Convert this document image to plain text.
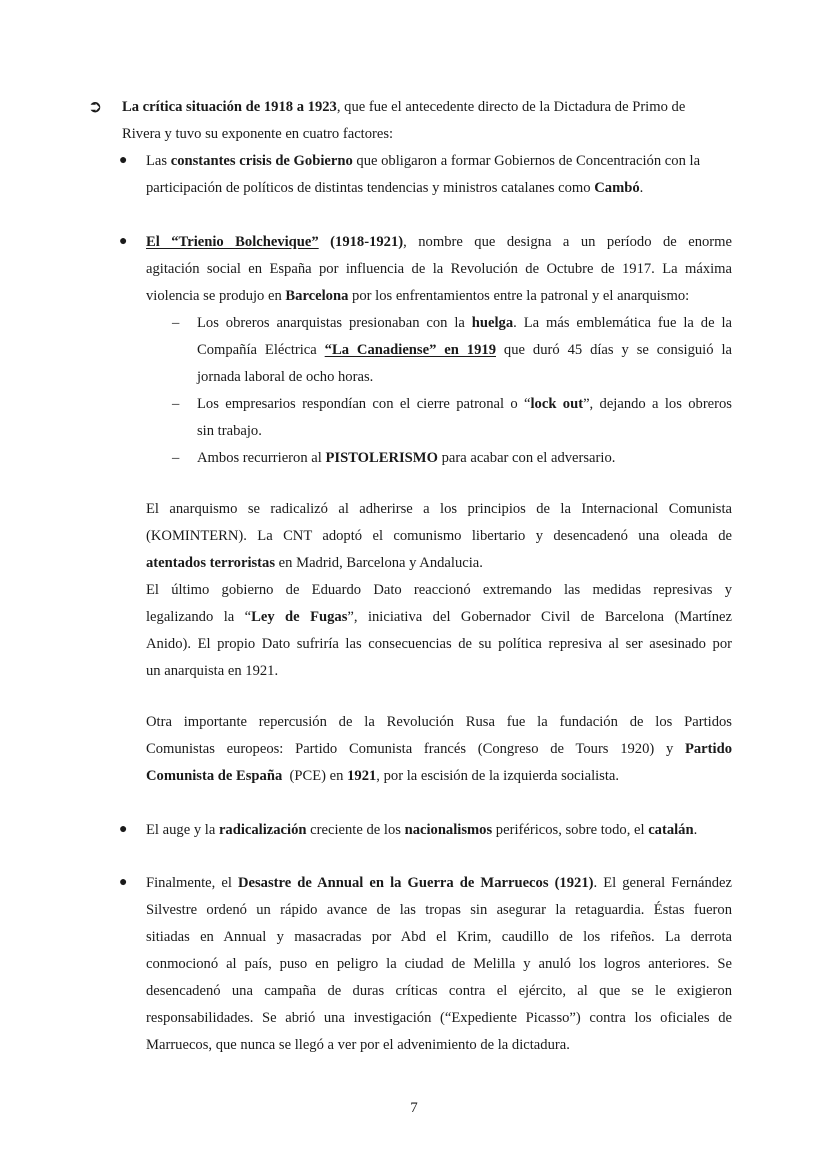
➲ La crítica situación de 1918 a 1923, que fue el antecedente directo de la Dictadura de Primo de
Rivera y tuvo su exponente en cuatro factores:
● Las constantes crisis de Gobierno que obligaron a formar Gobiernos de Concentración con la
participación de políticos de distintas tendencias y ministros catalanes como Cambó.
● El “Trienio Bolchevique” (1918-1921), nombre que designa a un período de enorme
agitación social en España por influencia de la Revolución de Octubre de 1917. La máxima
violencia se produjo en Barcelona por los enfrentamientos entre la patronal y el anarquismo:
– Los obreros anarquistas presionaban con la huelga. La más emblemática fue la de la
Compañía Eléctrica “La Canadiense” en 1919 que duró 45 días y se consiguió la
jornada laboral de ocho horas.
– Los empresarios respondían con el cierre patronal o “lock out”, dejando a los obreros
sin trabajo.
– Ambos recurrieron al PISTOLERISMO para acabar con el adversario.
El anarquismo se radicalizó al adherirse a los principios de la Internacional Comunista
(KOMINTERN). La CNT adoptó el comunismo libertario y desencadenó una oleada de
atentados terroristas en Madrid, Barcelona y Andalucia.
El último gobierno de Eduardo Dato reaccionó extremando las medidas represivas y
legalizando la “Ley de Fugas”, iniciativa del Gobernador Civil de Barcelona (Martínez
Anido). El propio Dato sufriría las consecuencias de su política represiva al ser asesinado por
un anarquista en 1921.
Otra importante repercusión de la Revolución Rusa fue la fundación de los Partidos
Comunistas europeos: Partido Comunista francés (Congreso de Tours 1920) y Partido
Comunista de España  (PCE) en 1921, por la escisión de la izquierda socialista.
● El auge y la radicalización creciente de los nacionalismos periféricos, sobre todo, el catalán.
● Finalmente, el Desastre de Annual en la Guerra de Marruecos (1921). El general Fernández
Silvestre ordenó un rápido avance de las tropas sin asegurar la retaguardia. Éstas fueron
sitiadas en Annual y masacradas por Abd el Krim, caudillo de los rifeños. La derrota
conmocionó al país, puso en peligro la ciudad de Melilla y anuló los logros anteriores. Se
desencadenó una campaña de duras críticas contra el ejército, al que se le exigieron
responsabilidades. Se abrió una investigación (“Expediente Picasso”) contra los oficiales de
Marruecos, que nunca se llegó a ver por el advenimiento de la dictadura.
7
